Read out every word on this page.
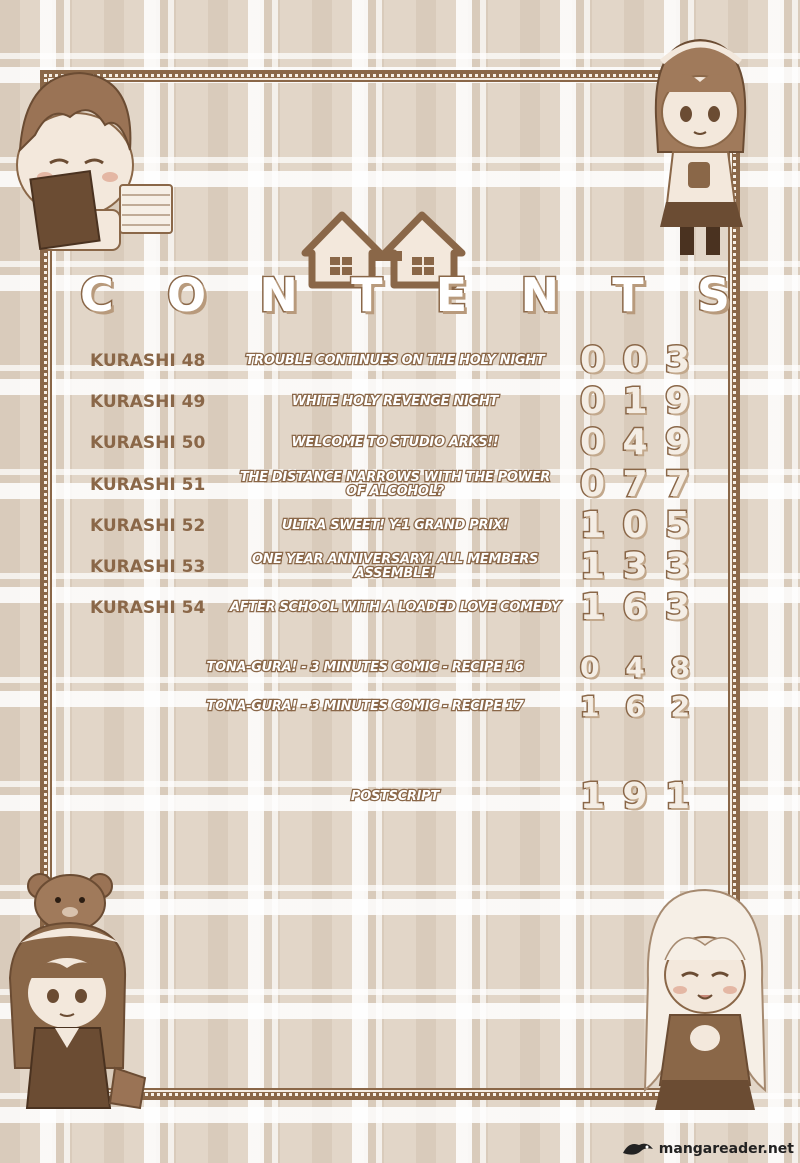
C O N T E N T S
KURASHI 48	TROUBLE CONTINUES ON THE HOLY NIGHT 0 0 3
KURASHI 49	WHITE HOLY REVENGE NIGHT	0 1 9
KURASHI 50	WELCOME TO STUDIO ARKS!!	0 4 9
KURASHI 51	THE DISTANCE NARROWS WITH THE POWER OF ALCOHOL?	0 7 7
KURASHI 52	ULTRA SWEET! Y-1 GRAND PRIX!	1 0 5
KURASHI 53	ONE YEAR ANNIVERSARY! ALL MEMBERS ASSEMBLE!	1 3 3
KURASHI 54	AFTER SCHOOL WITH A LOADED LOVE COMEDY 1 6 3
TONA-GURA! - 3 MINUTES COMIC - RECIPE 16	0 4 8
TONA-GURA! - 3 MINUTES COMIC - RECIPE 17	1 6 2
POSTSCRIPT	1 9 1
mangareader.net
